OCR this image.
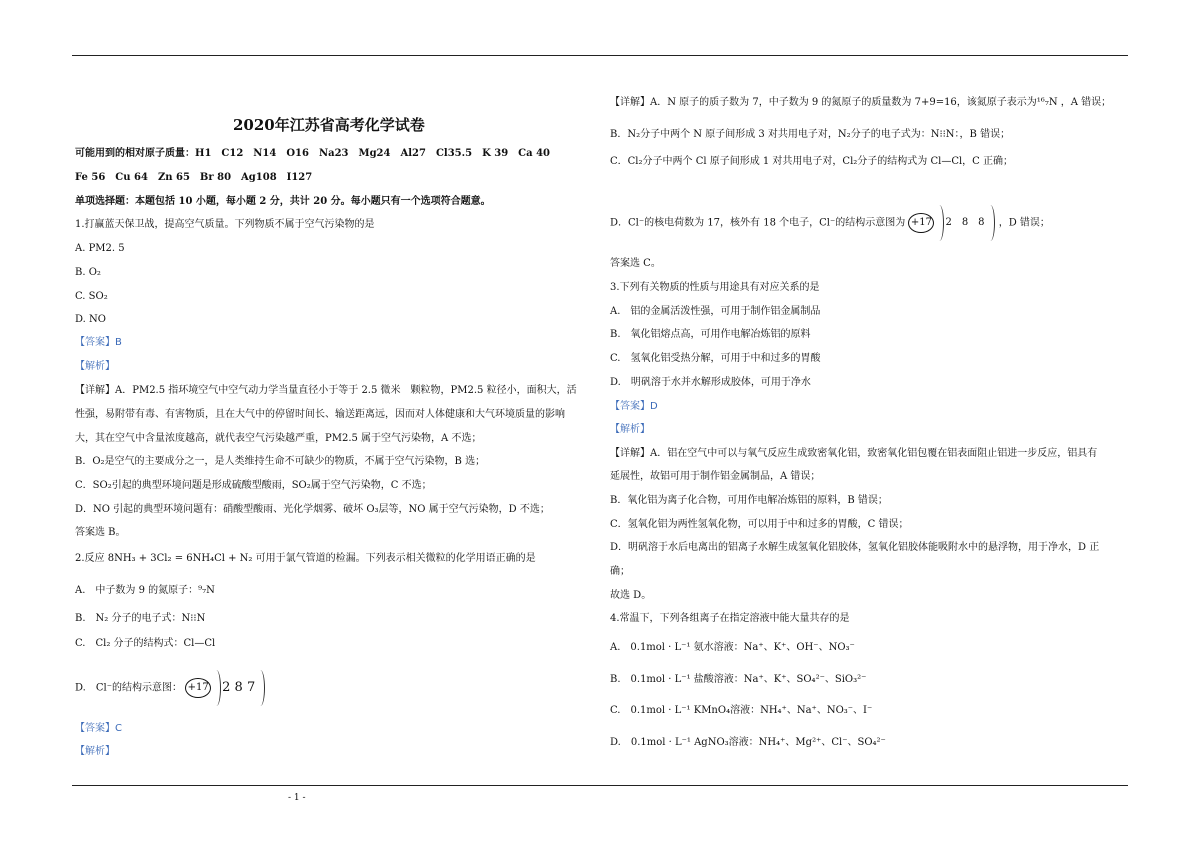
2020年江苏省高考化学试卷
可能用到的相对原子质量：H1　C12　N14　O16　Na23　Mg24　Al27　Cl35.5　K 39　Ca 40
Fe 56　Cu 64　Zn 65　Br 80　Ag108　I127
单项选择题：本题包括 10 小题，每小题 2 分，共计 20 分。每小题只有一个选项符合题意。
1.打赢蓝天保卫战，提高空气质量。下列物质不属于空气污染物的是
A. PM2. 5
B. O₂
C. SO₂
D. NO
【答案】B
【解析】
【详解】A．PM2.5 指环境空气中空气动力学当量直径小于等于 2.5 微米　颗粒物，PM2.5 粒径小，面积大，活
性强，易附带有毒、有害物质，且在大气中的停留时间长、输送距离远，因而对人体健康和大气环境质量的影响
大，其在空气中含量浓度越高，就代表空气污染越严重，PM2.5 属于空气污染物，A 不选；
B．O₂是空气的主要成分之一，是人类维持生命不可缺少的物质，不属于空气污染物，B 选；
C．SO₂引起的典型环境问题是形成硫酸型酸雨，SO₂属于空气污染物，C 不选；
D．NO 引起的典型环境问题有：硝酸型酸雨、光化学烟雾、破坏 O₃层等，NO 属于空气污染物，D 不选；
答案选 B。
2.反应 8NH₃ + 3Cl₂ = 6NH₄Cl + N₂ 可用于氯气管道的检漏。下列表示相关微粒的化学用语正确的是
A.　中子数为 9 的氮原子：⁹₇N
B.　N₂ 分子的电子式：N⁝⁝N
C.　Cl₂ 分子的结构式：Cl—Cl
D.　Cl⁻的结构示意图： +17 2 8 7
【答案】C
【解析】
【详解】A．N 原子的质子数为 7，中子数为 9 的氮原子的质量数为 7+9=16，该氮原子表示为¹⁶₇N ，A 错误；
B．N₂分子中两个 N 原子间形成 3 对共用电子对，N₂分子的电子式为：N⁝⁝N：，B 错误；
C．Cl₂分子中两个 Cl 原子间形成 1 对共用电子对，Cl₂分子的结构式为 Cl—Cl，C 正确；
D．Cl⁻的核电荷数为 17，核外有 18 个电子，Cl⁻的结构示意图为 +17 2　8　8 ，D 错误；
答案选 C。
3.下列有关物质的性质与用途具有对应关系的是
A.　铝的金属活泼性强，可用于制作铝金属制品
B.　氧化铝熔点高，可用作电解冶炼铝的原料
C.　氢氧化铝受热分解，可用于中和过多的胃酸
D.　明矾溶于水并水解形成胶体，可用于净水
【答案】D
【解析】
【详解】A．铝在空气中可以与氧气反应生成致密氧化铝，致密氧化铝包覆在铝表面阻止铝进一步反应，铝具有
延展性，故铝可用于制作铝金属制品，A 错误；
B．氧化铝为离子化合物，可用作电解冶炼铝的原料，B 错误；
C．氢氧化铝为两性氢氧化物，可以用于中和过多的胃酸，C 错误；
D．明矾溶于水后电离出的铝离子水解生成氢氧化铝胶体，氢氧化铝胶体能吸附水中的悬浮物，用于净水，D 正
确；
故选 D。
4.常温下，下列各组离子在指定溶液中能大量共存的是
A.　0.1mol · L⁻¹ 氨水溶液：Na⁺、K⁺、OH⁻、NO₃⁻
B.　0.1mol · L⁻¹ 盐酸溶液：Na⁺、K⁺、SO₄²⁻、SiO₃²⁻
C.　0.1mol · L⁻¹ KMnO₄溶液：NH₄⁺、Na⁺、NO₃⁻、I⁻
D.　0.1mol · L⁻¹ AgNO₃溶液：NH₄⁺、Mg²⁺、Cl⁻、SO₄²⁻
- 1 -
